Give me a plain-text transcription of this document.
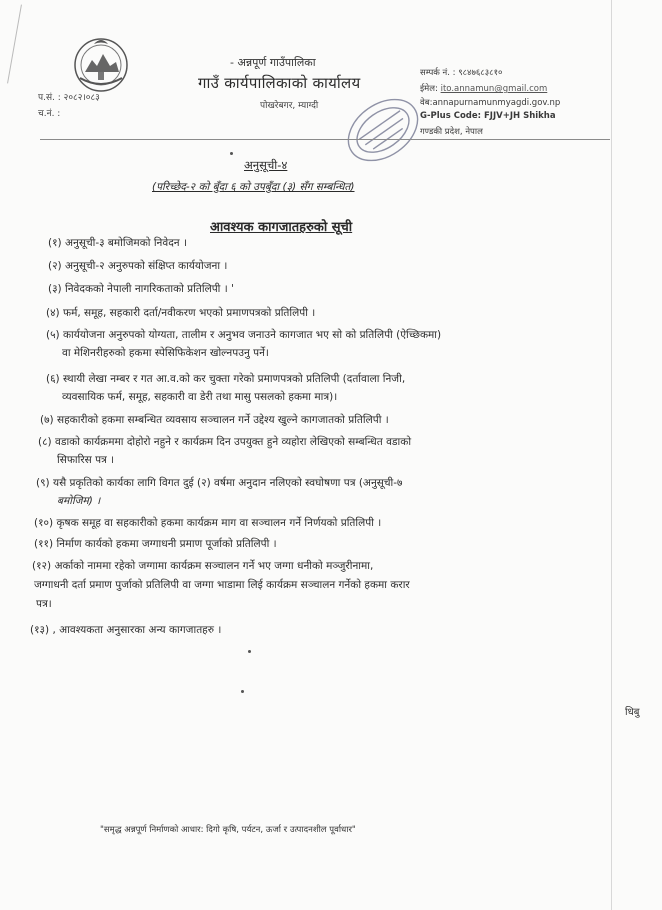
- अन्नपूर्ण गाउँपालिका
गाउँ कार्यपालिकाको कार्यालय
पोखरेबगर, म्याग्दी
प.सं. : २०८२।०८३
च.नं. :
सम्पर्क नं. : ९८४७६८३८१०
ईमेल: ito.annamun@gmail.com
वेब:annapurnamunmyagdi.gov.np
G-Plus Code: FJJV+JH Shikha
गण्डकी प्रदेश, नेपाल
अनुसूची-४
(परिच्छेद-२ को बुँदा ६ को उपबुँदा (३) सँग सम्बन्धित)
आवश्यक कागजातहरुको सूची
(१) अनुसूची-३ बमोजिमको निवेदन ।
(२) अनुसूची-२ अनुरुपको संक्षिप्त कार्ययोजना ।
(३) निवेदकको नेपाली नागरिकताको प्रतिलिपी । '
(४) फर्म, समूह, सहकारी दर्ता/नवीकरण भएको प्रमाणपत्रको प्रतिलिपी ।
(५) कार्ययोजना अनुरुपको योग्यता, तालीम र अनुभव जनाउने कागजात भए सो को प्रतिलिपी (ऐच्छिकमा)
वा मेशिनरीहरुको हकमा स्पेसिफिकेशन खोल्नपउनु पर्ने।
(६) स्थायी लेखा नम्बर र गत आ.व.को कर चुक्ता गरेको प्रमाणपत्रको प्रतिलिपी (दर्तावाला निजी,
व्यवसायिक फर्म, समूह, सहकारी वा डेरी तथा मासु पसलको हकमा मात्र)।
(७) सहकारीको हकमा सम्बन्धित व्यवसाय सञ्चालन गर्ने उद्देश्य खुल्ने कागजातको प्रतिलिपी ।
(८) वडाको कार्यक्रममा दोहोरो नहुने र कार्यक्रम दिन उपयुक्त हुने व्यहोरा लेखिएको सम्बन्धित वडाको
सिफारिस पत्र ।
(९) यसै प्रकृतिको कार्यका लागि विगत दुई (२) वर्षमा अनुदान नलिएको स्वघोषणा पत्र (अनुसूची-७
बमोजिम) ।
(१०) कृषक समूह वा सहकारीको हकमा कार्यक्रम माग वा सञ्चालन गर्ने निर्णयको प्रतिलिपी ।
(११) निर्माण कार्यको हकमा जग्गाधनी प्रमाण पूर्जाको प्रतिलिपी ।
(१२) अर्काको नाममा रहेको जग्गामा कार्यक्रम सञ्चालन गर्ने भए जग्गा धनीको मञ्जुरीनामा,
जग्गाधनी दर्ता प्रमाण पुर्जाको प्रतिलिपी वा जग्गा भाडामा लिई कार्यक्रम सञ्चालन गर्नेको हकमा करार
पत्र।
(१३) , आवश्यकता अनुसारका अन्य कागजातहरु ।
धिबु
"समृद्ध अन्नपूर्ण निर्माणको आधार: दिगो कृषि, पर्यटन, ऊर्जा र उत्पादनशील पूर्वाधार"
